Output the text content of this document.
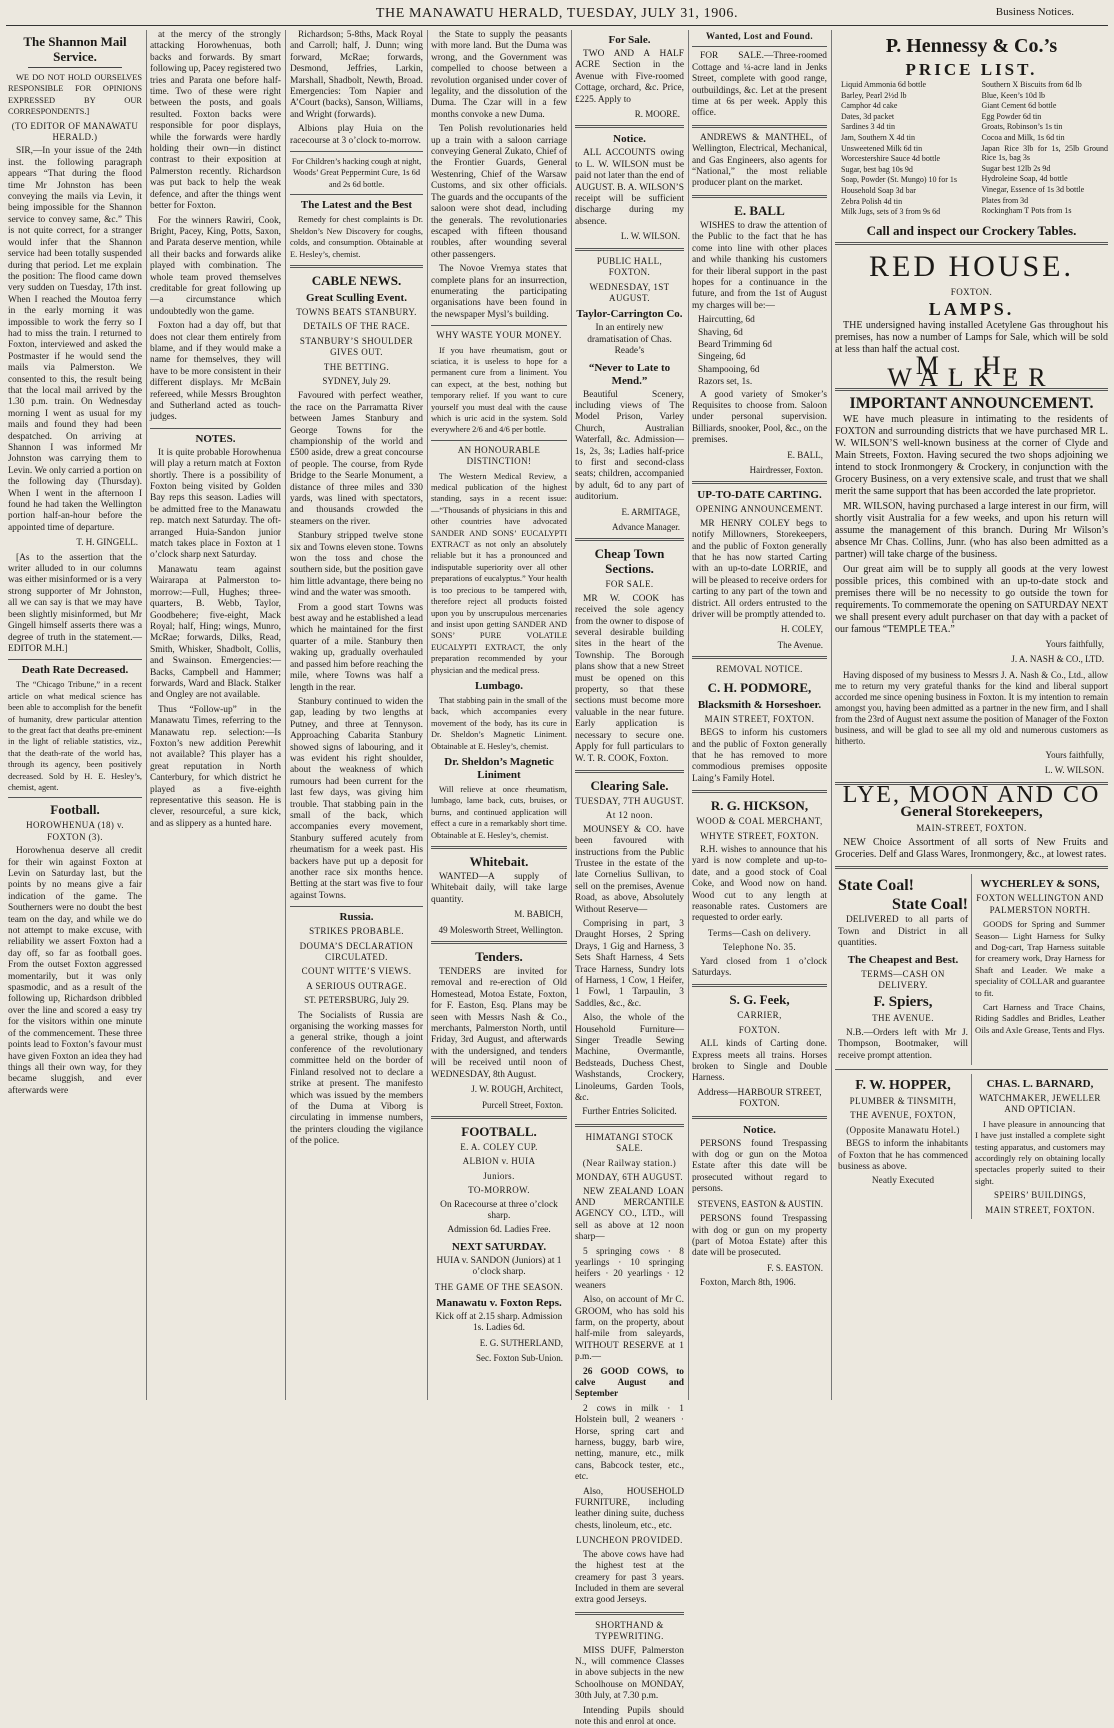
THE MANAWATU HERALD, TUESDAY, JULY 31, 1906.	Business Notices.
The Shannon Mail Service.

WE DO NOT HOLD OURSELVES RESPONSIBLE FOR OPINIONS EXPRESSED BY OUR CORRESPONDENTS.]

(TO EDITOR OF MANAWATU HERALD.)

SIR,—In your issue of the 24th inst. the following paragraph appears “That during the flood time Mr Johnston has been conveying the mails via Levin, it being impossible for the Shannon service to convey same, &c.” This is not quite correct, for a stranger would infer that the Shannon service had been totally suspended during that period. Let me explain the position: The flood came down very sudden on Tuesday, 17th inst. When I reached the Moutoa ferry in the early morning it was impossible to work the ferry so I had to miss the train. I returned to Foxton, interviewed and asked the Postmaster if he would send the mails via Palmerston. We consented to this, the result being that the local mail arrived by the 1.30 p.m. train. On Wednesday morning I went as usual for my mails and found they had been despatched. On arriving at Shannon I was informed Mr Johnston was carrying them to Levin. We only carried a portion on the following day (Thursday). When I went in the afternoon I found he had taken the Wellington portion half-an-hour before the appointed time of departure.

T. H. GINGELL.

[As to the assertion that the writer alluded to in our columns was either misinformed or is a very strong supporter of Mr Johnston, all we can say is that we may have been slightly misinformed, but Mr Gingell himself asserts there was a degree of truth in the statement.—EDITOR M.H.]

Death Rate Decreased.

The “Chicago Tribune,” in a recent article on what medical science has been able to accomplish for the benefit of humanity, drew particular attention to the great fact that deaths pre-eminent in the light of reliable statistics, viz., that the death-rate of the world has, through its agency, been positively decreased. Sold by H. E. Hesley’s, chemist, agent.

Football.
HOROWHENUA (18) v. FOXTON (3).

Horowhenua deserve all credit for their win against Foxton at Levin on Saturday last, but the points by no means give a fair indication of the game. The Southerners were no doubt the best team on the day, and while we do not attempt to make excuse, with reliability we assert Foxton had a day off, so far as football goes. From the outset Foxton aggressed momentarily, but it was only spasmodic, and as a result of the following up, Richardson dribbled over the line and scored a easy try for the visitors within one minute of the commencement. These three points lead to Foxton’s favour must have given Foxton an idea they had things all their own way, for they became sluggish, and ever afterwards were

at the mercy of the strongly attacking Horowhenuas, both backs and forwards. By smart following up, Pacey registered two tries and Parata one before half-time. Two of these were right between the posts, and goals resulted. Foxton backs were responsible for poor displays, while the forwards were hardly holding their own—in distinct contrast to their exposition at Palmerston recently. Richardson was put back to help the weak defence, and after the things went better for Foxton.

For the winners Rawiri, Cook, Bright, Pacey, King, Potts, Saxon, and Parata deserve mention, while all their backs and forwards alike played with combination. The whole team proved themselves creditable for great following up—a circumstance which undoubtedly won the game.

Foxton had a day off, but that does not clear them entirely from blame, and if they would make a name for themselves, they will have to be more consistent in their different displays. Mr McBain refereed, while Messrs Broughton and Sutherland acted as touch-judges.

NOTES.

It is quite probable Horowhenua will play a return match at Foxton shortly. There is a possibility of Foxton being visited by Golden Bay reps this season. Ladies will be admitted free to the Manawatu rep. match next Saturday. The oft-arranged Huia-Sandon junior match takes place in Foxton at 1 o’clock sharp next Saturday.

Manawatu team against Wairarapa at Palmerston to-morrow:—Full, Hughes; three-quarters, B. Webb, Taylor, Goodbehere; five-eight, Mack Royal; half, Hing; wings, Munro, McRae; forwards, Dilks, Read, Smith, Whisker, Shadbolt, Collis, and Swainson. Emergencies:—Backs, Campbell and Hammer; forwards, Ward and Black. Stalker and Ongley are not available.

Thus “Follow-up” in the Manawatu Times, referring to the Manawatu rep. selection:—Is Foxton’s new addition Perewhit not available? This player has a great reputation in North Canterbury, for which district he played as a five-eighth representative this season. He is clever, resourceful, a sure kick, and as slippery as a hunted hare.

Richardson; 5-8ths, Mack Royal and Carroll; half, J. Dunn; wing forward, McRae; forwards, Desmond, Jeffries, Larkin, Marshall, Shadbolt, Newth, Broad. Emergencies: Tom Napier and A’Court (backs), Sanson, Williams, and Wright (forwards).

Albions play Huia on the racecourse at 3 o’clock to-morrow.

For Children’s hacking cough at night, Woods’ Great Peppermint Cure, 1s 6d and 2s 6d bottle.

The Latest and the Best

Remedy for chest complaints is Dr. Sheldon’s New Discovery for coughs, colds, and consumption. Obtainable at E. Hesley’s, chemist.

CABLE NEWS.
Great Sculling Event.
TOWNS BEATS STANBURY.
DETAILS OF THE RACE.
STANBURY’S SHOULDER GIVES OUT.
THE BETTING.
SYDNEY, July 29.

Favoured with perfect weather, the race on the Parramatta River between James Stanbury and George Towns for the championship of the world and £500 aside, drew a great concourse of people. The course, from Ryde Bridge to the Searle Monument, a distance of three miles and 330 yards, was lined with spectators, and thousands crowded the steamers on the river.

Stanbury stripped twelve stone six and Towns eleven stone. Towns won the toss and chose the southern side, but the position gave him little advantage, there being no wind and the water was smooth.

From a good start Towns was best away and he established a lead which he maintained for the first quarter of a mile. Stanbury then waking up, gradually overhauled and passed him before reaching the mile, where Towns was half a length in the rear.

Stanbury continued to widen the gap, leading by two lengths at Putney, and three at Tennyson. Approaching Cabarita Stanbury showed signs of labouring, and it was evident his right shoulder, about the weakness of which rumours had been current for the last few days, was giving him trouble. That stabbing pain in the small of the back, which accompanies every movement, Stanbury suffered acutely from rheumatism for a week past. His backers have put up a deposit for another race six months hence. Betting at the start was five to four against Towns.

Russia.
STRIKES PROBABLE.
DOUMA’S DECLARATION CIRCULATED.
COUNT WITTE’S VIEWS.
A SERIOUS OUTRAGE.
ST. PETERSBURG, July 29.

The Socialists of Russia are organising the working masses for a general strike, though a joint conference of the revolutionary committee held on the border of Finland resolved not to declare a strike at present. The manifesto which was issued by the members of the Duma at Viborg is circulating in immense numbers, the printers clouding the vigilance of the police.

the State to supply the peasants with more land. But the Duma was wrong, and the Government was compelled to choose between a revolution organised under cover of legality, and the dissolution of the Duma. The Czar will in a few months convoke a new Duma.

Ten Polish revolutionaries held up a train with a saloon carriage conveying General Zukato, Chief of the Frontier Guards, General Westenring, Chief of the Warsaw Customs, and six other officials. The guards and the occupants of the saloon were shot dead, including the generals. The revolutionaries escaped with fifteen thousand roubles, after wounding several other passengers.

The Novoe Vremya states that complete plans for an insurrection, enumerating the participating organisations have been found in the newspaper Mysl’s building.

WHY WASTE YOUR MONEY.

If you have rheumatism, gout or sciatica, it is useless to hope for a permanent cure from a liniment. You can expect, at the best, nothing but temporary relief. If you want to cure yourself you must deal with the cause which is uric acid in the system. Sold everywhere 2/6 and 4/6 per bottle.

AN HONOURABLE DISTINCTION!

The Western Medical Review, a medical publication of the highest standing, says in a recent issue:—“Thousands of physicians in this and other countries have advocated SANDER AND SONS’ EUCALYPTI EXTRACT as not only an absolutely reliable but it has a pronounced and indisputable superiority over all other preparations of eucalyptus.” Your health is too precious to be tampered with, therefore reject all products foisted upon you by unscrupulous mercenaries and insist upon getting SANDER AND SONS’ PURE VOLATILE EUCALYPTI EXTRACT, the only preparation recommended by your physician and the medical press.

Lumbago.

That stabbing pain in the small of the back, which accompanies every movement of the body, has its cure in Dr. Sheldon’s Magnetic Liniment. Obtainable at E. Hesley’s, chemist.

Dr. Sheldon’s Magnetic Liniment

Will relieve at once rheumatism, lumbago, lame back, cuts, bruises, or burns, and continued application will effect a cure in a remarkably short time. Obtainable at E. Hesley’s, chemist.

Whitebait.

WANTED—A supply of Whitebait daily, will take large quantity.

M. BABICH,
49 Molesworth Street, Wellington.
Tenders.

TENDERS are invited for removal and re-erection of Old Homestead, Motoa Estate, Foxton, for F. Easton, Esq. Plans may be seen with Messrs Nash & Co., merchants, Palmerston North, until Friday, 3rd August, and afterwards with the undersigned, and tenders will be received until noon of WEDNESDAY, 8th August.

J. W. ROUGH, Architect,
Purcell Street, Foxton.
FOOTBALL.
E. A. COLEY CUP.
ALBION v. HUIA
Juniors.
TO-MORROW.

On Racecourse at three o’clock sharp.

Admission 6d. Ladies Free.

NEXT SATURDAY.

HUIA v. SANDON (Juniors) at 1 o’clock sharp.

THE GAME OF THE SEASON.
Manawatu v. Foxton Reps.

Kick off at 2.15 sharp. Admission 1s. Ladies 6d.

E. G. SUTHERLAND,
Sec. Foxton Sub-Union.
For Sale.

TWO AND A HALF ACRE Section in the Avenue with Five-roomed Cottage, orchard, &c. Price, £225. Apply to

R. MOORE.
Notice.

ALL ACCOUNTS owing to L. W. WILSON must be paid not later than the end of AUGUST. B. A. WILSON’S receipt will be sufficient discharge during my absence.

L. W. WILSON.
PUBLIC HALL, FOXTON.
WEDNESDAY, 1ST AUGUST.
Taylor-Carrington Co.

In an entirely new dramatisation of Chas. Reade’s

“Never to Late to Mend.”

Beautiful Scenery, including views of The Model Prison, Varley Church, Australian Waterfall, &c. Admission—1s, 2s, 3s; Ladies half-price to first and second-class seats; children, accompanied by adult, 6d to any part of auditorium.

E. ARMITAGE,
Advance Manager.
Cheap Town Sections.
FOR SALE.

MR W. COOK has received the sole agency from the owner to dispose of several desirable building sites in the heart of the Township. The Borough plans show that a new Street must be opened on this property, so that these sections must become more valuable in the near future. Early application is necessary to secure one. Apply for full particulars to W. T. R. COOK, Foxton.

Clearing Sale.
TUESDAY, 7TH AUGUST.
At 12 noon.

MOUNSEY & CO. have been favoured with instructions from the Public Trustee in the estate of the late Cornelius Sullivan, to sell on the premises, Avenue Road, as above, Absolutely Without Reserve—

Comprising in part, 3 Draught Horses, 2 Spring Drays, 1 Gig and Harness, 3 Sets Shaft Harness, 4 Sets Trace Harness, Sundry lots of Harness, 1 Cow, 1 Heifer, 1 Fowl, 1 Tarpaulin, 3 Saddles, &c., &c.

Also, the whole of the Household Furniture—Singer Treadle Sewing Machine, Overmantle, Bedsteads, Duchess Chest, Washstands, Crockery, Linoleums, Garden Tools, &c.

Further Entries Solicited.

HIMATANGI STOCK SALE.
(Near Railway station.)
MONDAY, 6TH AUGUST.

NEW ZEALAND LOAN AND MERCANTILE AGENCY CO., LTD., will sell as above at 12 noon sharp—

5 springing cows · 8 yearlings · 10 springing heifers · 20 yearlings · 12 weaners

Also, on account of Mr C. GROOM, who has sold his farm, on the property, about half-mile from saleyards, WITHOUT RESERVE at 1 p.m.—

26 GOOD COWS, to calve August and September

2 cows in milk · 1 Holstein bull, 2 weaners · Horse, spring cart and harness, buggy, barb wire, netting, manure, etc., milk cans, Babcock tester, etc., etc.

Also, HOUSEHOLD FURNITURE, including leather dining suite, duchess chests, linoleum, etc., etc.

LUNCHEON PROVIDED.

The above cows have had the highest test at the creamery for past 3 years. Included in them are several extra good Jerseys.

SHORTHAND & TYPEWRITING.

MISS DUFF, Palmerston N., will commence Classes in above subjects in the new Schoolhouse on MONDAY, 30th July, at 7.30 p.m.

Intending Pupils should note this and enrol at once.

Wanted, Lost and Found.

FOR SALE.—Three-roomed Cottage and ¼-acre land in Jenks Street, complete with good range, outbuildings, &c. Let at the present time at 6s per week. Apply this office.

ANDREWS & MANTHEL, of Wellington, Electrical, Mechanical, and Gas Engineers, also agents for “National,” the most reliable producer plant on the market.

E. BALL

WISHES to draw the attention of the Public to the fact that he has come into line with other places and while thanking his customers for their liberal support in the past hopes for a continuance in the future, and from the 1st of August my charges will be:—

Haircutting, 6d
Shaving, 6d
Beard Trimming 6d
Singeing, 6d
Shampooing, 6d
Razors set, 1s.

A good variety of Smoker’s Requisites to choose from. Saloon under personal supervision. Billiards, snooker, Pool, &c., on the premises.

E. BALL,
Hairdresser, Foxton.
UP-TO-DATE CARTING.
OPENING ANNOUNCEMENT.

MR HENRY COLEY begs to notify Millowners, Storekeepers, and the public of Foxton generally that he has now started Carting with an up-to-date LORRIE, and will be pleased to receive orders for carting to any part of the town and district. All orders entrusted to the driver will be promptly attended to.

H. COLEY,
The Avenue.
REMOVAL NOTICE.
C. H. PODMORE,
Blacksmith & Horseshoer.
MAIN STREET, FOXTON.

BEGS to inform his customers and the public of Foxton generally that he has removed to more commodious premises opposite Laing’s Family Hotel.

R. G. HICKSON,
WOOD & COAL MERCHANT,
WHYTE STREET, FOXTON.

R.H. wishes to announce that his yard is now complete and up-to-date, and a good stock of Coal Coke, and Wood now on hand. Wood cut to any length at reasonable rates. Customers are requested to order early.

Terms—Cash on delivery.
Telephone No. 35.

Yard closed from 1 o’clock Saturdays.

S. G. Feek,
CARRIER,
FOXTON.

ALL kinds of Carting done. Express meets all trains. Horses broken to Single and Double Harness.

Address—HARBOUR STREET, FOXTON.

Notice.

PERSONS found Trespassing with dog or gun on the Motoa Estate after this date will be prosecuted without regard to persons.

STEVENS, EASTON & AUSTIN.

PERSONS found Trespassing with dog or gun on my property (part of Motoa Estate) after this date will be prosecuted.

F. S. EASTON.

Foxton, March 8th, 1906.

P. Hennessy & Co.’s
PRICE LIST.
Liquid Ammonia 6d bottle
Barley, Pearl 2½d lb
Camphor 4d cake
Dates, 3d packet
Sardines 3 4d tin
Jam, Southern X 4d tin
Unsweetened Milk 6d tin
Worcestershire Sauce 4d bottle
Sugar, best bag 10s 9d
Soap, Powder (St. Mungo) 10 for 1s
Household Soap 3d bar
Zebra Polish 4d tin
Milk Jugs, sets of 3 from 9s 6d
Southern X Biscuits from 6d lb
Blue, Keen’s 10d lb
Giant Cement 6d bottle
Egg Powder 6d tin
Groats, Robinson’s 1s tin
Cocoa and Milk, 1s 6d tin
Japan Rice 3lb for 1s, 25lb Ground Rice 1s, bag 3s
Sugar best 12lb 2s 9d
Hydroleine Soap, 4d bottle
Vinegar, Essence of 1s 3d bottle
Plates from 3d
Rockingham T Pots from 1s
Call and inspect our Crockery Tables.
RED HOUSE.
FOXTON.
LAMPS.

THE undersigned having installed Acetylene Gas throughout his premises, has now a number of Lamps for Sale, which will be sold at less than half the actual cost.

M. H. WALKER
IMPORTANT ANNOUNCEMENT.

WE have much pleasure in intimating to the residents of FOXTON and surrounding districts that we have purchased MR L. W. WILSON’S well-known business at the corner of Clyde and Main Streets, Foxton. Having secured the two shops adjoining we intend to stock Ironmongery & Crockery, in conjunction with the Grocery Business, on a very extensive scale, and trust that we shall merit the same support that has been accorded the late proprietor.

MR. WILSON, having purchased a large interest in our firm, will shortly visit Australia for a few weeks, and upon his return will assume the management of this branch. During Mr Wilson’s absence Mr Chas. Collins, Junr. (who has also been admitted as a partner) will take charge of the business.

Our great aim will be to supply all goods at the very lowest possible prices, this combined with an up-to-date stock and premises there will be no necessity to go outside the town for requirements. To commemorate the opening on SATURDAY NEXT we shall present every adult purchaser on that day with a packet of our famous “TEMPLE TEA.”

Yours faithfully,
J. A. NASH & CO., LTD.

Having disposed of my business to Messrs J. A. Nash & Co., Ltd., allow me to return my very grateful thanks for the kind and liberal support accorded me since opening business in Foxton. It is my intention to remain amongst you, having been admitted as a partner in the new firm, and I shall from the 23rd of August next assume the position of Manager of the Foxton business, and will be glad to see all my old and numerous customers as hitherto.

Yours faithfully,
L. W. WILSON.
LYE, MOON AND CO
General Storekeepers,
MAIN-STREET, FOXTON.

NEW Choice Assortment of all sorts of New Fruits and Groceries. Delf and Glass Wares, Ironmongery, &c., at lowest rates.

State Coal!
State Coal!

DELIVERED to all parts of Town and District in all quantities.

The Cheapest and Best.
TERMS—CASH ON DELIVERY.
F. Spiers,
THE AVENUE.

N.B.—Orders left with Mr J. Thompson, Bootmaker, will receive prompt attention.

WYCHERLEY & SONS,
FOXTON WELLINGTON AND PALMERSTON NORTH.

GOODS for Spring and Summer Season— Light Harness for Sulky and Dog-cart, Trap Harness suitable for creamery work, Dray Harness for Shaft and Leader. We make a speciality of COLLAR and guarantee to fit.

Cart Harness and Trace Chains, Riding Saddles and Bridles, Leather Oils and Axle Grease, Tents and Flys.

F. W. HOPPER,
PLUMBER & TINSMITH,
THE AVENUE, FOXTON,
(Opposite Manawatu Hotel.)

BEGS to inform the inhabitants of Foxton that he has commenced business as above.

Neatly Executed

CHAS. L. BARNARD,
WATCHMAKER, JEWELLER AND OPTICIAN.

I have pleasure in announcing that I have just installed a complete sight testing apparatus, and customers may accordingly rely on obtaining locally spectacles properly suited to their sight.

SPEIRS’ BUILDINGS,
MAIN STREET, FOXTON.
